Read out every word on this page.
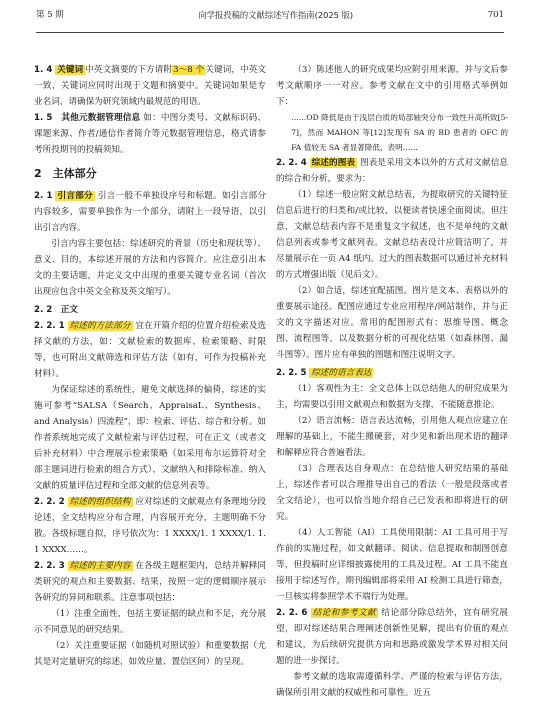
第 5 期	向学报投稿的文献综述写作指南(2025 版)	701

1. 4 关键词 中英文摘要的下方请附3～8 个关键词，中英文一致，关键词应同时出现于文题和摘要中。关键词如果是专业名词，请确保为研究领域内最规范的用语。

1. 5　其他元数据管理信息 如：中图分类号、文献标识码、课题来源、作者/通信作者简介等元数据管理信息，格式请参考所投期刊的投稿须知。

2　主体部分

2. 1 引言部分 引言一般不单独设序号和标题。如引言部分内容较多，需要单独作为一个部分，请附上一段导语，以引出引言内容。

引言内容主要包括：综述研究的背景（历史和现状等）、意义、目的，本综述开展的方法和内容简介。应注意引出本文的主要话题，并定义文中出现的重要关键专业名词（首次出现应包含中英文全称及英文缩写）。

2. 2　正文

2. 2. 1 综述的方法部分 宜在开篇介绍的位置介绍检索及选择文献的方法，如：文献检索的数据库、检索策略、时限等，也可附出文献筛选和评估方法（如有，可作为投稿补充材料）。

为保证综述的系统性，避免文献选择的偏倚，综述的实施可参考“SALSA（Search、AppraisaL、Synthesis、and Analysis）四流程”，即：检索、评估、综合和分析。如作者系统地完成了文献检索与评估过程，可在正文（或者文后补充材料）中合理展示检索策略（如采用布尔运算符对全部主题词进行检索的组合方式）、文献纳入和排除标准、纳入文献的质量评估过程和全部文献的信息列表等。

2. 2. 2 综述的组织结构 应对综述的文献观点有条理地分段论述，全文结构应分布合理，内容展开充分，主题明确不分散。各级标题自拟，序号依次为：1 XXXX/1. 1 XXXX/1. 1. 1 XXXX……。

2. 2. 3 综述的主要内容 在各级主题框架内，总结并解释同类研究的观点和主要数据、结果，按照一定的逻辑顺序展示各研究的异同和联系。注意事项包括：

（1）注重全面性，包括主要证据的缺点和不足，充分展示不同意见的研究结果。

（2）关注重要证据（如随机对照试验）和重要数据（尤其是对定量研究的综述，如效应量、置信区间）的呈现。

（3）陈述他人的研究成果均应附引用来源，并与文后参考文献顺序一一对应。参考文献在文中的引用格式举例如下：

……OD 降低是由于浅层白质的局部轴突分布一致性升高所致[5-7]，然而 MAHON 等[12]发现有 SA 的 BD 患者的 OFC 的 FA 值较无 SA 者显著降低，表明……

2. 2. 4 综述的图表 图表是采用文本以外的方式对文献信息的综合和分析，要求为：

（1）综述一般应附文献总结表，为提取研究的关键特征信息后进行的归类和/或比较，以便读者快速全面阅读。但注意，文献总结表内容不是重复文字叙述，也不是单纯的文献信息列表或参考文献列表。文献总结表设计应简洁明了，并尽量展示在一页 A4 纸内。过大的图表数据可以通过补充材料的方式增强出版（见后文）。

（2）如合适，综述宜配插图。图片是文本、表格以外的重要展示途径。配图应通过专业应用程序/网站制作，并与正文的文字描述对应。常用的配图形式有：思维导图、概念图、流程图等，以及数据分析的可视化结果（如森林图、漏斗图等）。图片应有单独的图题和图注说明文字。

2. 2. 5 综述的语言表达

（1）客观性为主：全文总体上以总结他人的研究成果为主，均需要以引用文献观点和数据为支撑，不能随意推论。

（2）语言流畅：语言表达流畅，引用他人观点应建立在理解的基础上，不能生搬硬套，对少见和新出现术语的翻译和解释应符合普遍看法。

（3）合理表达自身观点：在总结他人研究结果的基础上，综述作者可以合理推导出自己的看法（一般是段落或者全文结论），也可以恰当地介绍自己已发表和即将进行的研究。

（4）人工智能（AI）工具使用限制：AI 工具可用于写作前的实施过程，如文献翻译、阅读、信息提取和制图创意等，但投稿时应详细披露使用的工具及过程。AI 工具不能直接用于综述写作，期刊编辑部将采用 AI 检测工具进行筛查，一旦核实将参照学术不端行为处理。

2. 2. 6 结论和参考文献 结论部分除总结外，宜有研究展望，即对综述结果合理阐述创新性见解，提出有价值的观点和建议，为后续研究提供方向和思路或激发学术界对相关问题的进一步探讨。

参考文献的选取需遵循科学、严谨的检索与评估方法，确保所引用文献的权威性和可靠性。近五
